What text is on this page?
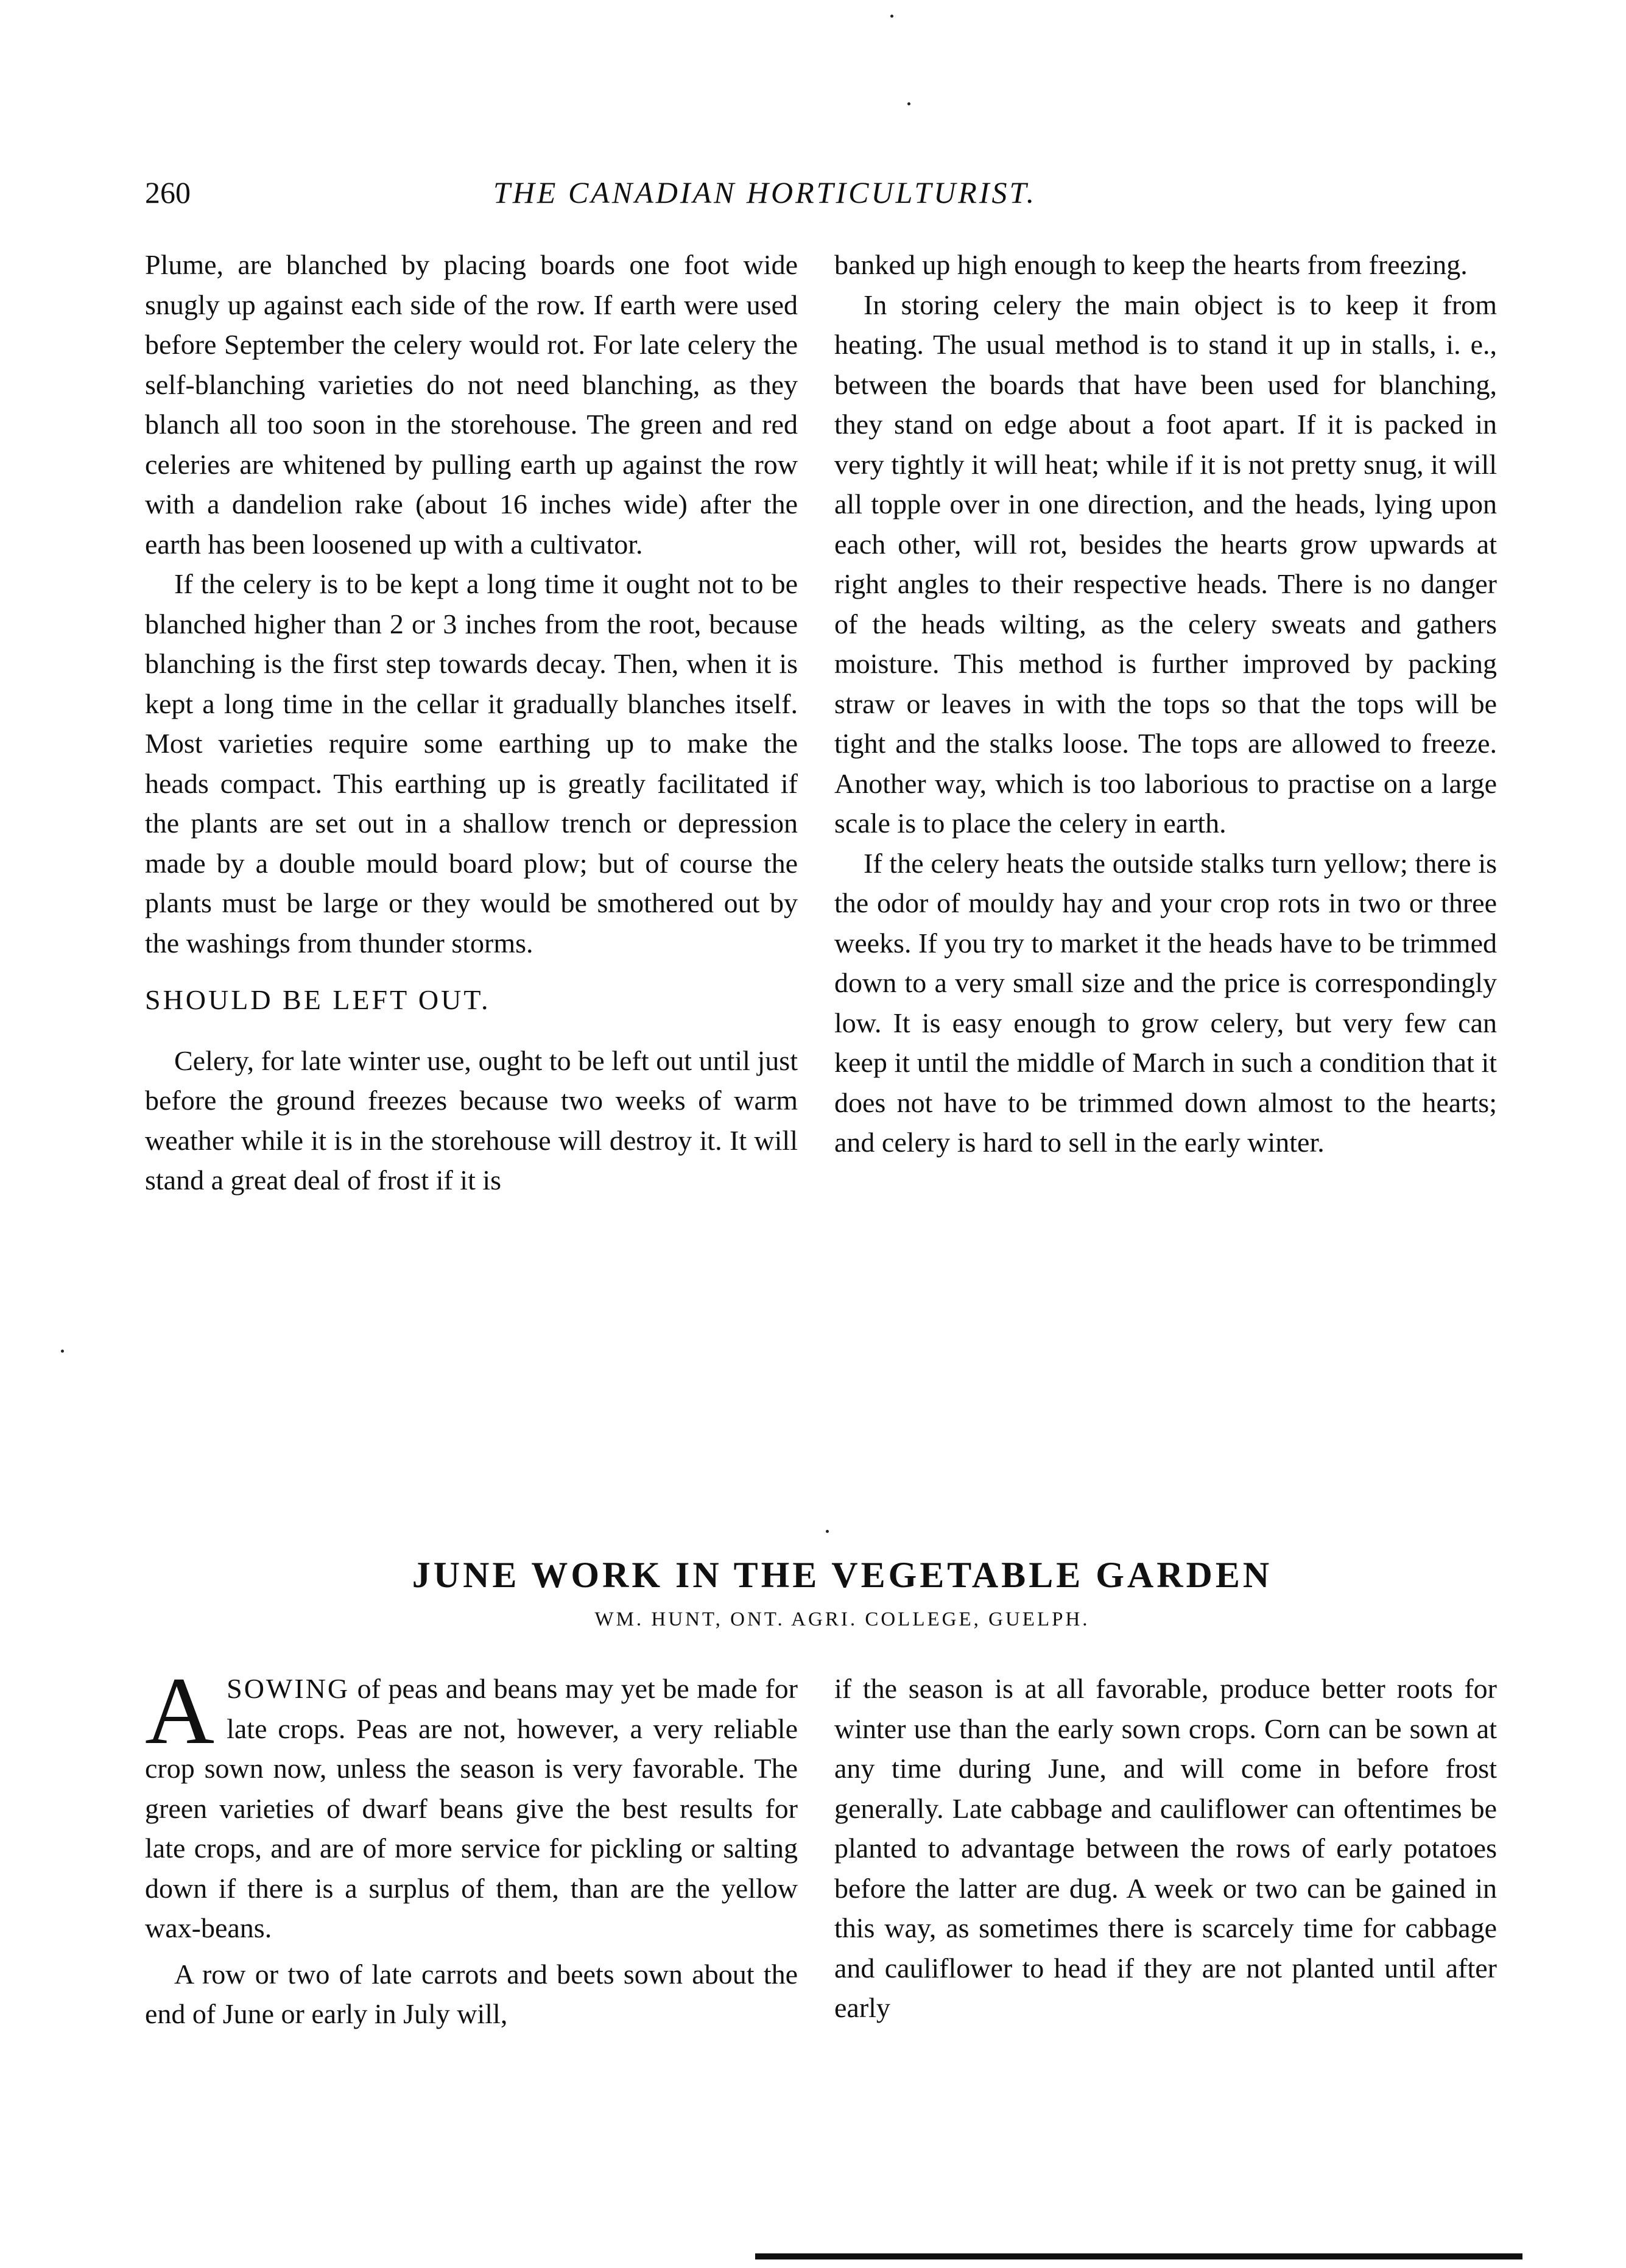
260	THE CANADIAN HORTICULTURIST.

Plume, are blanched by placing boards one foot wide snugly up against each side of the row. If earth were used before September the celery would rot. For late celery the self-blanching varieties do not need blanching, as they blanch all too soon in the storehouse. The green and red celeries are whitened by pulling earth up against the row with a dandelion rake (about 16 inches wide) after the earth has been loosened up with a cultivator.

If the celery is to be kept a long time it ought not to be blanched higher than 2 or 3 inches from the root, because blanching is the first step towards decay. Then, when it is kept a long time in the cellar it gradually blanches itself. Most varieties require some earthing up to make the heads compact. This earthing up is greatly facilitated if the plants are set out in a shallow trench or depression made by a double mould board plow; but of course the plants must be large or they would be smothered out by the washings from thunder storms.

SHOULD BE LEFT OUT.

Celery, for late winter use, ought to be left out until just before the ground freezes because two weeks of warm weather while it is in the storehouse will destroy it. It will stand a great deal of frost if it is

banked up high enough to keep the hearts from freezing.

In storing celery the main object is to keep it from heating. The usual method is to stand it up in stalls, i. e., between the boards that have been used for blanching, they stand on edge about a foot apart. If it is packed in very tightly it will heat; while if it is not pretty snug, it will all topple over in one direction, and the heads, lying upon each other, will rot, besides the hearts grow upwards at right angles to their respective heads. There is no danger of the heads wilting, as the celery sweats and gathers moisture. This method is further improved by packing straw or leaves in with the tops so that the tops will be tight and the stalks loose. The tops are allowed to freeze. Another way, which is too laborious to practise on a large scale is to place the celery in earth.

If the celery heats the outside stalks turn yellow; there is the odor of mouldy hay and your crop rots in two or three weeks. If you try to market it the heads have to be trimmed down to a very small size and the price is correspondingly low. It is easy enough to grow celery, but very few can keep it until the middle of March in such a condition that it does not have to be trimmed down almost to the hearts; and celery is hard to sell in the early winter.

JUNE WORK IN THE VEGETABLE GARDEN
WM. HUNT, ONT. AGRI. COLLEGE, GUELPH.

ASOWING of peas and beans may yet be made for late crops. Peas are not, however, a very reliable crop sown now, unless the season is very favorable. The green varieties of dwarf beans give the best results for late crops, and are of more service for pickling or salting down if there is a surplus of them, than are the yellow wax-beans.

A row or two of late carrots and beets sown about the end of June or early in July will,

if the season is at all favorable, produce better roots for winter use than the early sown crops. Corn can be sown at any time during June, and will come in before frost generally. Late cabbage and cauliflower can oftentimes be planted to advantage between the rows of early potatoes before the latter are dug. A week or two can be gained in this way, as sometimes there is scarcely time for cabbage and cauliflower to head if they are not planted until after early
